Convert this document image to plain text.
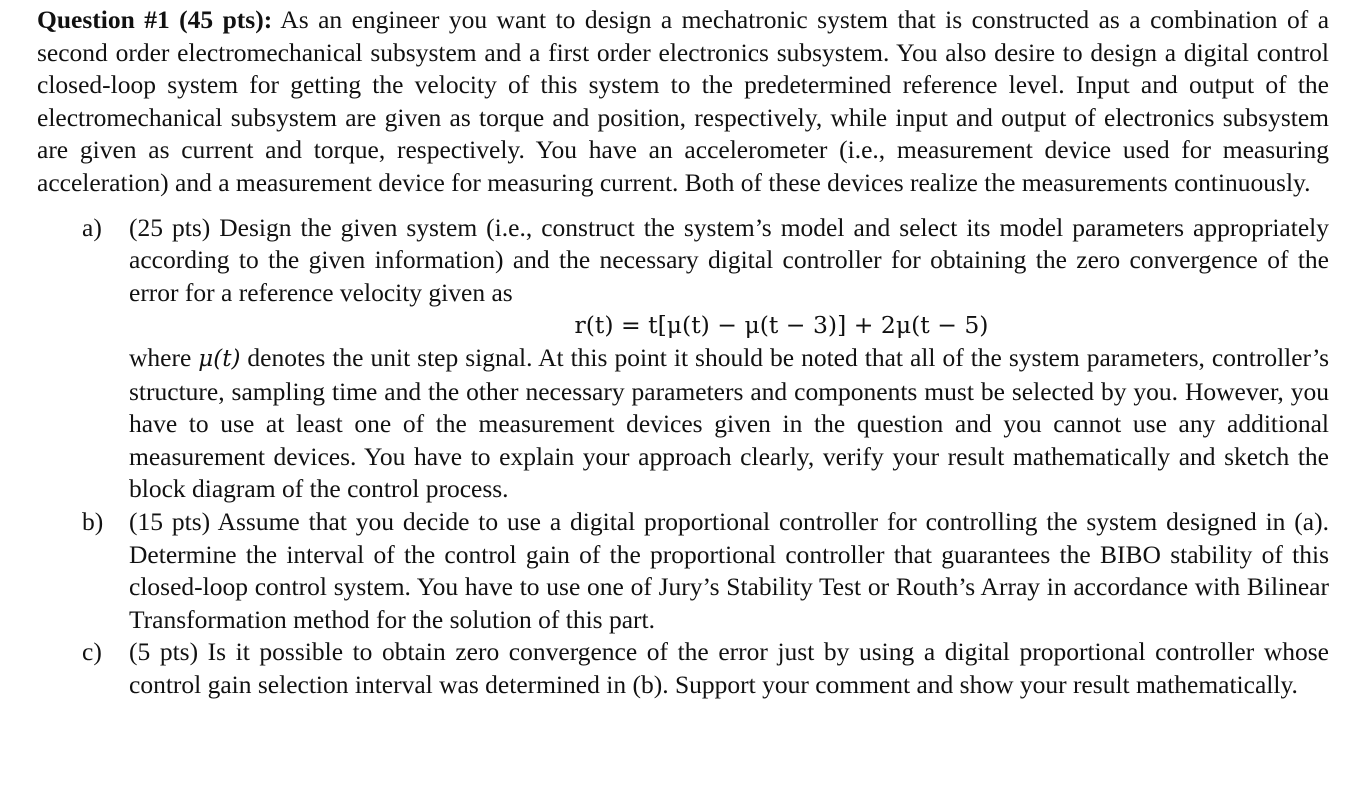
Question #1 (45 pts): As an engineer you want to design a mechatronic system that is constructed as a combination of a second order electromechanical subsystem and a first order electronics subsystem. You also desire to design a digital control closed-loop system for getting the velocity of this system to the predetermined reference level. Input and output of the electromechanical subsystem are given as torque and position, respectively, while input and output of electronics subsystem are given as current and torque, respectively. You have an accelerometer (i.e., measurement device used for measuring acceleration) and a measurement device for measuring current. Both of these devices realize the measurements continuously.

a) (25 pts) Design the given system (i.e., construct the system’s model and select its model parameters appropriately according to the given information) and the necessary digital controller for obtaining the zero convergence of the error for a reference velocity given as
r(t) = t[μ(t) − μ(t − 3)] + 2μ(t − 5)
where μ(t) denotes the unit step signal. At this point it should be noted that all of the system parameters, controller’s structure, sampling time and the other necessary parameters and components must be selected by you. However, you have to use at least one of the measurement devices given in the question and you cannot use any additional measurement devices. You have to explain your approach clearly, verify your result mathematically and sketch the block diagram of the control process.
b) (15 pts) Assume that you decide to use a digital proportional controller for controlling the system designed in (a). Determine the interval of the control gain of the proportional controller that guarantees the BIBO stability of this closed-loop control system. You have to use one of Jury’s Stability Test or Routh’s Array in accordance with Bilinear Transformation method for the solution of this part.
c) (5 pts) Is it possible to obtain zero convergence of the error just by using a digital proportional controller whose control gain selection interval was determined in (b). Support your comment and show your result mathematically.
